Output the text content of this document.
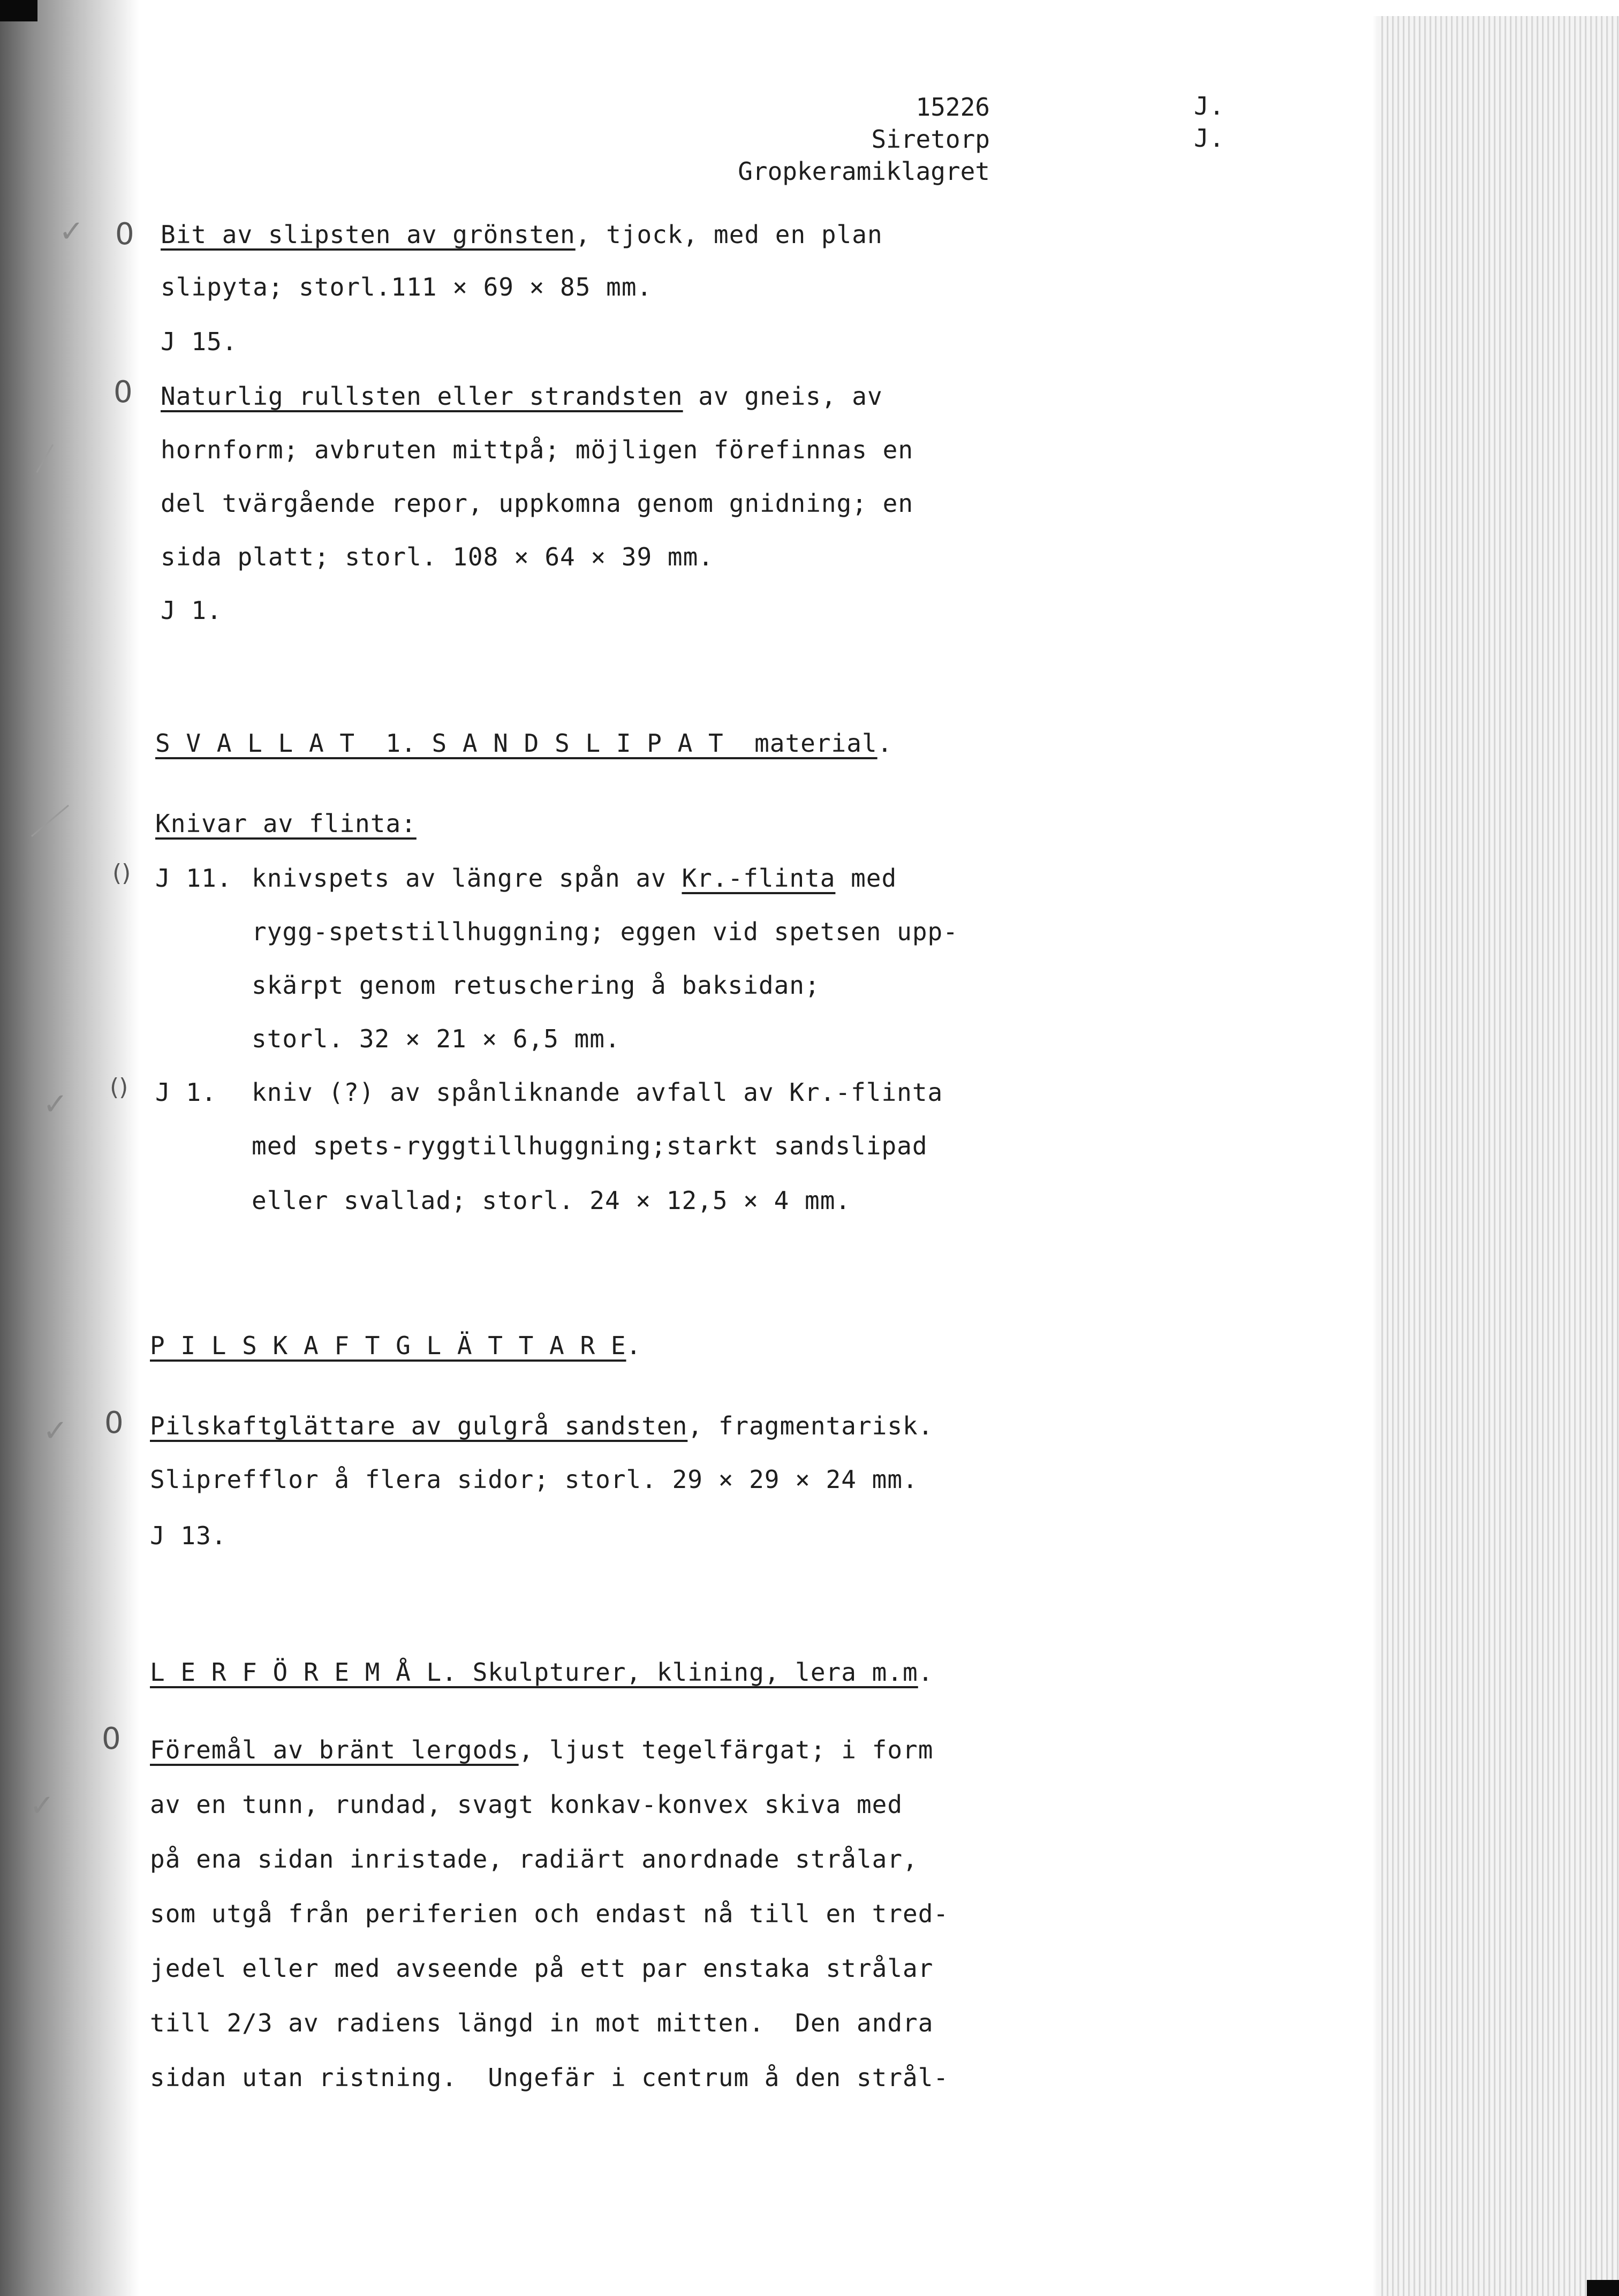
15226
Siretorp
Gropkeramiklagret
J.
J.
0
0
()
()
0
0
✓
✓
✓
✓
Bit av slipsten av grönsten, tjock, med en plan
slipyta; storl.111 × 69 × 85 mm.
J 15.
Naturlig rullsten eller strandsten av gneis, av
hornform; avbruten mittpå; möjligen förefinnas en
del tvärgående repor, uppkomna genom gnidning; en
sida platt; storl. 108 × 64 × 39 mm.
J 1.
S V A L L A T  1. S A N D S L I P A T  material.
Knivar av flinta:
J 11. knivspets av längre spån av Kr.-flinta med
rygg-spetstillhuggning; eggen vid spetsen upp-
skärpt genom retuschering å baksidan;
storl. 32 × 21 × 6,5 mm.
J 1. kniv (?) av spånliknande avfall av Kr.-flinta
med spets-ryggtillhuggning;starkt sandslipad
eller svallad; storl. 24 × 12,5 × 4 mm.
P I L S K A F T G L Ä T T A R E.
Pilskaftglättare av gulgrå sandsten, fragmentarisk.
Sliprefflor å flera sidor; storl. 29 × 29 × 24 mm.
J 13.
L E R F Ö R E M Å L. Skulpturer, klining, lera m.m.
Föremål av bränt lergods, ljust tegelfärgat; i form
av en tunn, rundad, svagt konkav-konvex skiva med
på ena sidan inristade, radiärt anordnade strålar,
som utgå från periferien och endast nå till en tred-
jedel eller med avseende på ett par enstaka strålar
till 2/3 av radiens längd in mot mitten.  Den andra
sidan utan ristning.  Ungefär i centrum å den strål-
